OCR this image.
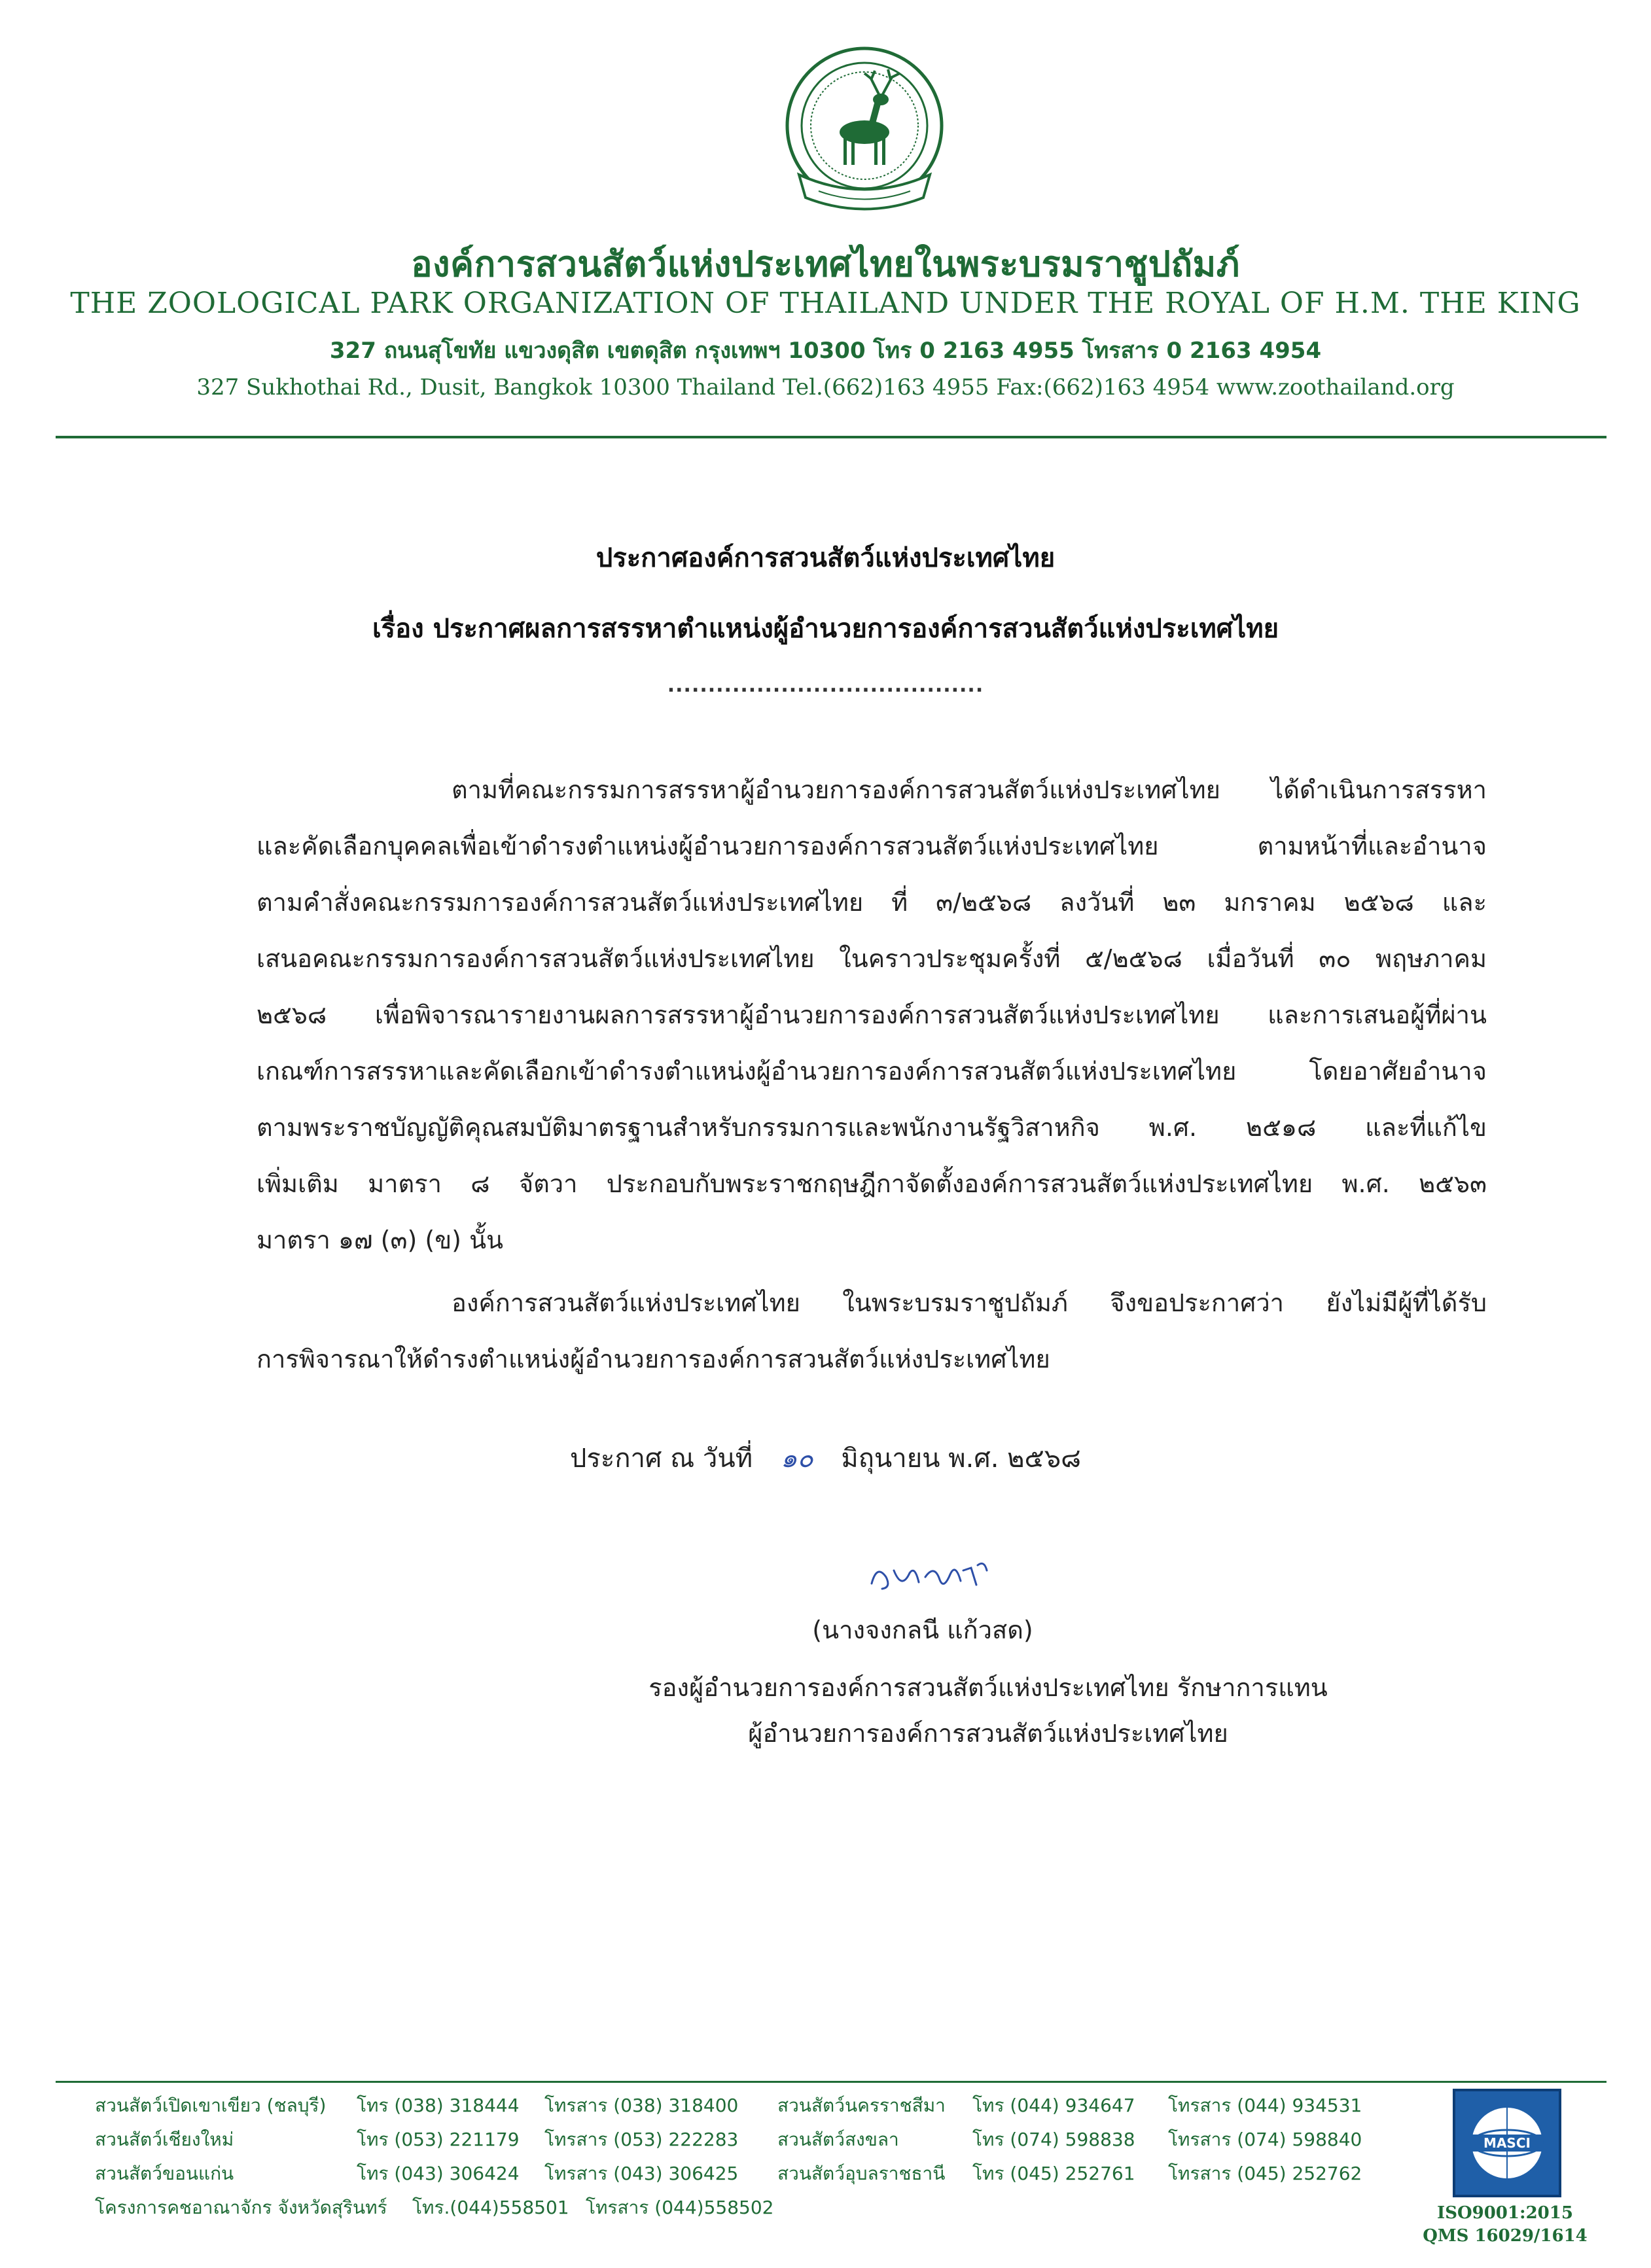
องค์การสวนสัตว์แห่งประเทศไทยในพระบรมราชูปถัมภ์
THE ZOOLOGICAL PARK ORGANIZATION OF THAILAND UNDER THE ROYAL OF H.M. THE KING
327 ถนนสุโขทัย แขวงดุสิต เขตดุสิต กรุงเทพฯ 10300 โทร 0 2163 4955 โทรสาร 0 2163 4954
327 Sukhothai Rd., Dusit, Bangkok 10300 Thailand Tel.(662)163 4955 Fax:(662)163 4954 www.zoothailand.org
ประกาศองค์การสวนสัตว์แห่งประเทศไทย
เรื่อง ประกาศผลการสรรหาตำแหน่งผู้อำนวยการองค์การสวนสัตว์แห่งประเทศไทย
.......................................
ตามที่คณะกรรมการสรรหาผู้อำนวยการองค์การสวนสัตว์แห่งประเทศไทย ได้ดำเนินการสรรหา
และคัดเลือกบุคคลเพื่อเข้าดำรงตำแหน่งผู้อำนวยการองค์การสวนสัตว์แห่งประเทศไทย ตามหน้าที่และอำนาจ
ตามคำสั่งคณะกรรมการองค์การสวนสัตว์แห่งประเทศไทย ที่ ๓/๒๕๖๘ ลงวันที่ ๒๓ มกราคม ๒๕๖๘ และ
เสนอคณะกรรมการองค์การสวนสัตว์แห่งประเทศไทย ในคราวประชุมครั้งที่ ๕/๒๕๖๘ เมื่อวันที่ ๓๐ พฤษภาคม
๒๕๖๘ เพื่อพิจารณารายงานผลการสรรหาผู้อำนวยการองค์การสวนสัตว์แห่งประเทศไทย และการเสนอผู้ที่ผ่าน
เกณฑ์การสรรหาและคัดเลือกเข้าดำรงตำแหน่งผู้อำนวยการองค์การสวนสัตว์แห่งประเทศไทย โดยอาศัยอำนาจ
ตามพระราชบัญญัติคุณสมบัติมาตรฐานสำหรับกรรมการและพนักงานรัฐวิสาหกิจ พ.ศ. ๒๕๑๘ และที่แก้ไข
เพิ่มเติม มาตรา ๘ จัตวา ประกอบกับพระราชกฤษฎีกาจัดตั้งองค์การสวนสัตว์แห่งประเทศไทย พ.ศ. ๒๕๖๓
มาตรา ๑๗ (๓) (ข) นั้น
องค์การสวนสัตว์แห่งประเทศไทย ในพระบรมราชูปถัมภ์ จึงขอประกาศว่า ยังไม่มีผู้ที่ได้รับ
การพิจารณาให้ดำรงตำแหน่งผู้อำนวยการองค์การสวนสัตว์แห่งประเทศไทย
ประกาศ ณ วันที่ ๑๐ มิถุนายน พ.ศ. ๒๕๖๘
(นางจงกลนี แก้วสด)
รองผู้อำนวยการองค์การสวนสัตว์แห่งประเทศไทย รักษาการแทน
ผู้อำนวยการองค์การสวนสัตว์แห่งประเทศไทย
สวนสัตว์เปิดเขาเขียว (ชลบุรี) โทร (038) 318444 โทรสาร (038) 318400 สวนสัตว์นครราชสีมา โทร (044) 934647 โทรสาร (044) 934531
สวนสัตว์เชียงใหม่	โทร (053) 221179 โทรสาร (053) 222283 สวนสัตว์สงขลา	โทร (074) 598838 โทรสาร (074) 598840
สวนสัตว์ขอนแก่น	โทร (043) 306424 โทรสาร (043) 306425 สวนสัตว์อุบลราชธานี โทร (045) 252761 โทรสาร (045) 252762
โครงการคชอาณาจักร จังหวัดสุรินทร์ โทร.(044)558501 โทรสาร (044)558502
MASCI
ISO9001:2015
QMS 16029/1614
